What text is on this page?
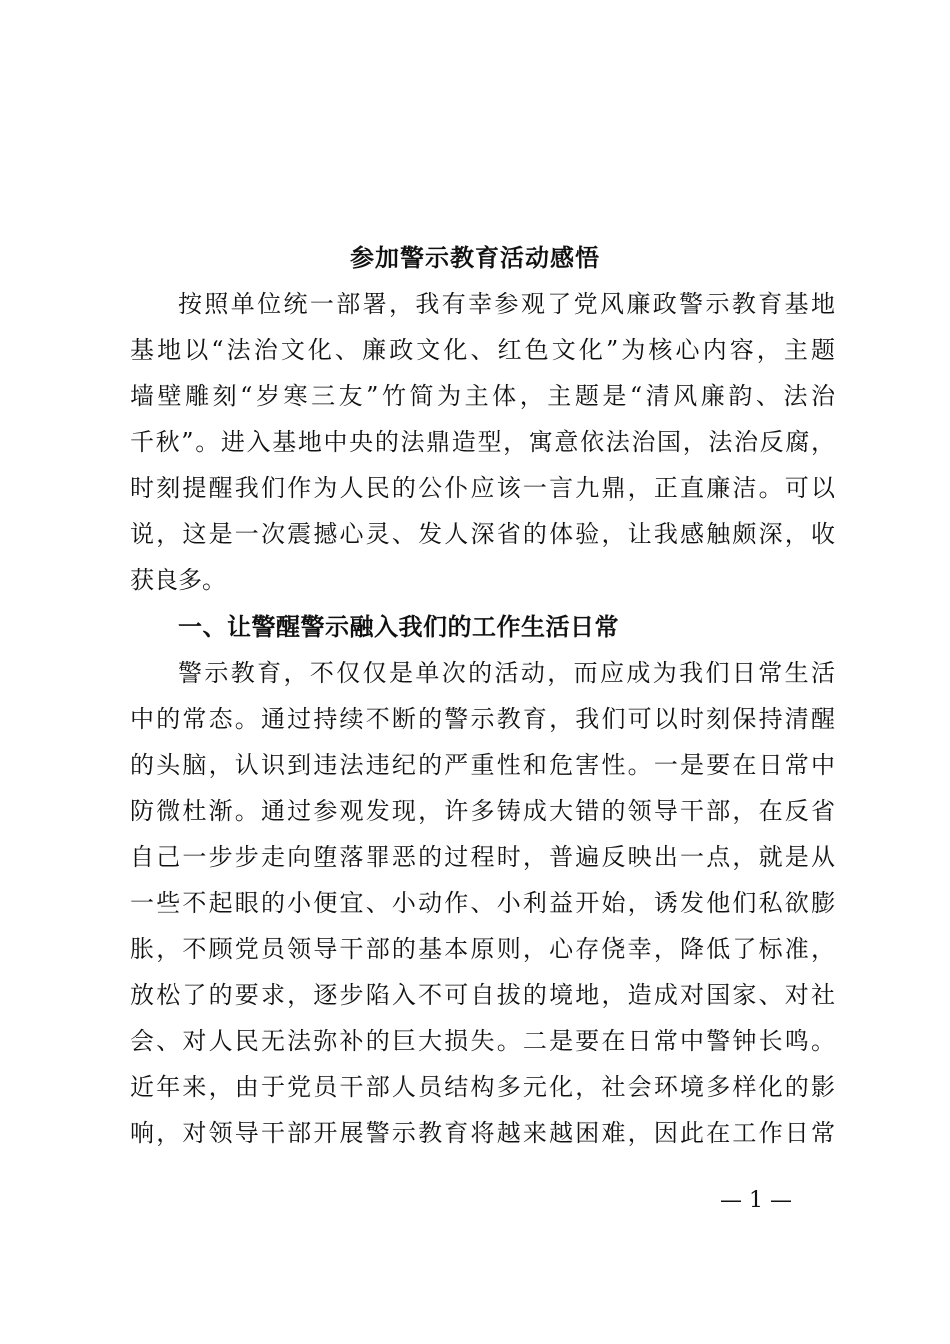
参加警示教育活动感悟
按照单位统一部署，我有幸参观了党风廉政警示教育基地
基地以“法治文化、廉政文化、红色文化”为核心内容，主题
墙壁雕刻“岁寒三友”竹简为主体，主题是“清风廉韵、法治
千秋”。进入基地中央的法鼎造型，寓意依法治国，法治反腐，
时刻提醒我们作为人民的公仆应该一言九鼎，正直廉洁。可以
说，这是一次震撼心灵、发人深省的体验，让我感触颇深，收
获良多。
一、让警醒警示融入我们的工作生活日常
警示教育，不仅仅是单次的活动，而应成为我们日常生活
中的常态。通过持续不断的警示教育，我们可以时刻保持清醒
的头脑，认识到违法违纪的严重性和危害性。一是要在日常中
防微杜渐。通过参观发现，许多铸成大错的领导干部，在反省
自己一步步走向堕落罪恶的过程时，普遍反映出一点，就是从
一些不起眼的小便宜、小动作、小利益开始，诱发他们私欲膨
胀，不顾党员领导干部的基本原则，心存侥幸，降低了标准，
放松了的要求，逐步陷入不可自拔的境地，造成对国家、对社
会、对人民无法弥补的巨大损失。二是要在日常中警钟长鸣。
近年来，由于党员干部人员结构多元化，社会环境多样化的影
响，对领导干部开展警示教育将越来越困难，因此在工作日常
— 1 —
